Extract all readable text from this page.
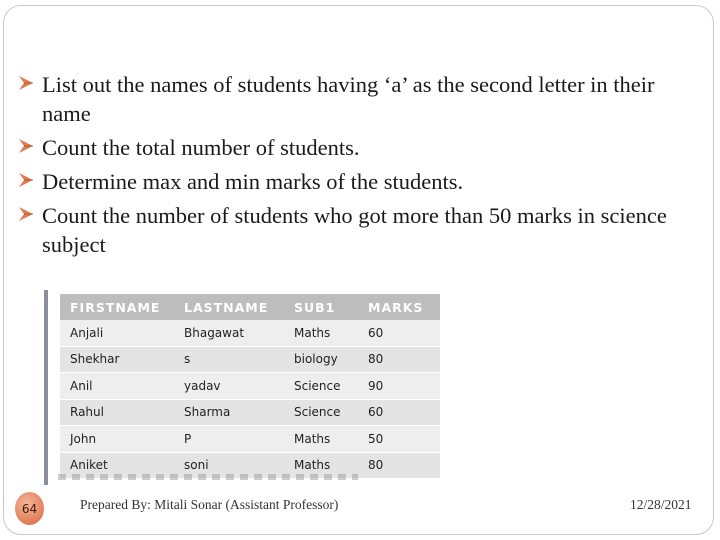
List out the names of students having ‘a’ as the second letter in their name
Count the total number of students.
Determine max and min marks of the students.
Count the number of students who got more than 50 marks in science subject
FIRSTNAME	LASTNAME	SUB1	MARKS
Anjali	Bhagawat	Maths	60
Shekhar	s	biology	80
Anil	yadav	Science	90
Rahul	Sharma	Science	60
John	P	Maths	50
Aniket	soni	Maths	80
64	Prepared By: Mitali Sonar (Assistant Professor)	12/28/2021
